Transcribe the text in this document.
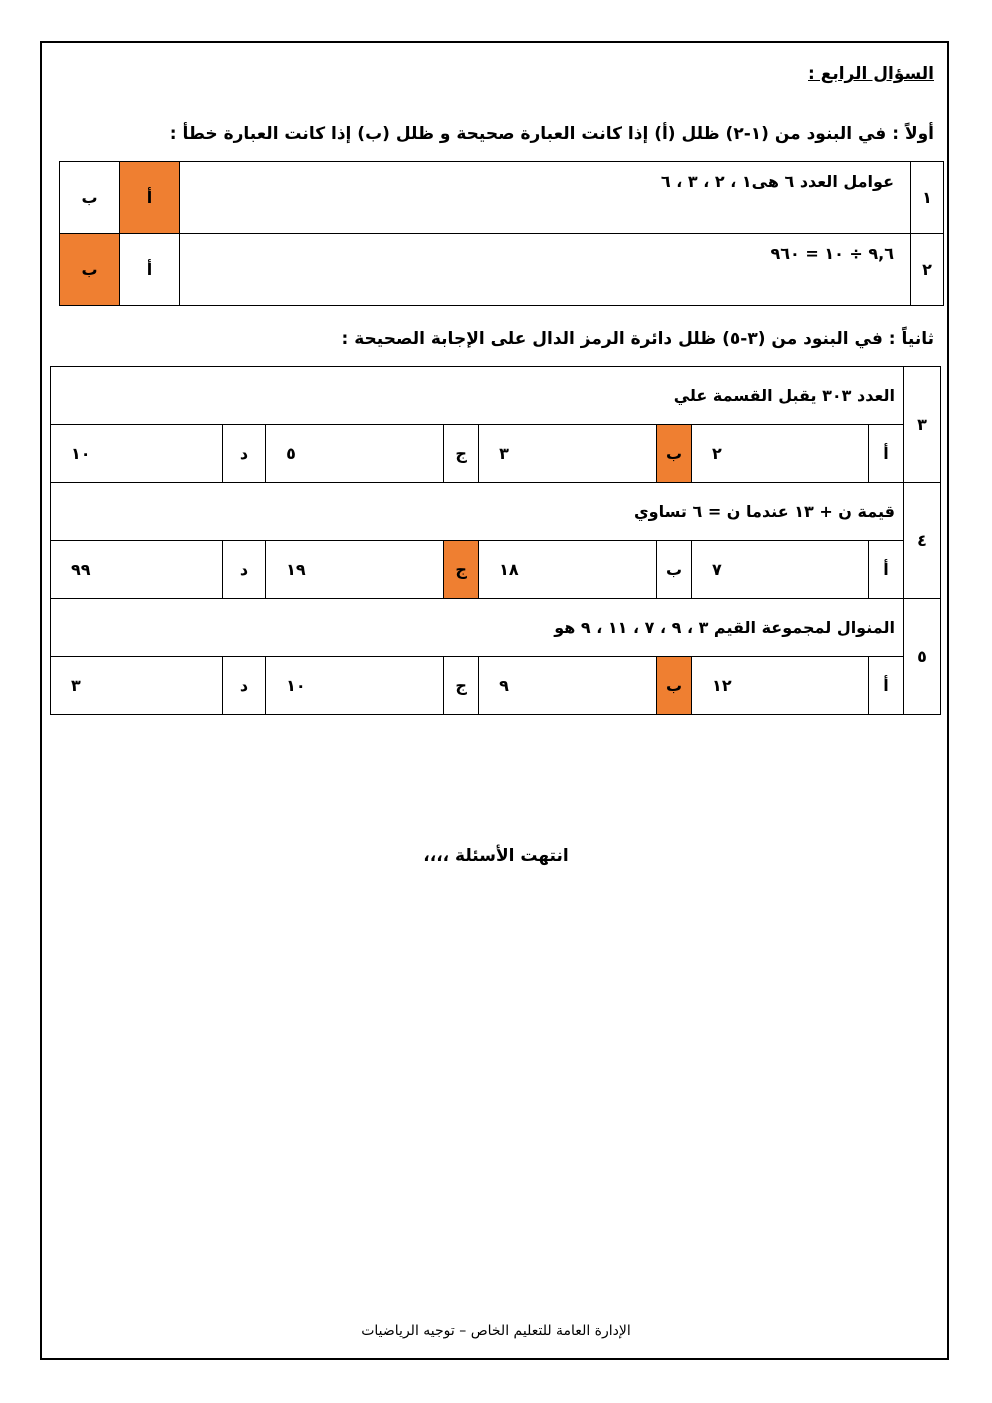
السؤال الرابع :
أولاً : في البنود من (١-٢) ظلل (أ) إذا كانت العبارة صحيحة و ظلل (ب) إذا كانت العبارة خطأ :
١	عوامل العدد ٦ هى١ ، ٢ ، ٣ ، ٦	أ	ب
٢	٩,٦ ÷ ١٠ = ٩٦٠	أ	ب
ثانياً : في البنود من (٣-٥) ظلل دائرة الرمز الدال على الإجابة الصحيحة :
٣	العدد ٣٠٣ يقبل القسمة علي							
	أ	٢	ب	٣	ج	٥	د	١٠
٤	قيمة ن + ١٣ عندما ن = ٦ تساوي							
	أ	٧	ب	١٨	ج	١٩	د	٩٩
٥	المنوال لمجموعة القيم ٣ ، ٩ ، ٧ ، ١١ ، ٩ هو							
	أ	١٢	ب	٩	ج	١٠	د	٣
انتهت الأسئلة ،،،،
الإدارة العامة للتعليم الخاص – توجيه الرياضيات
